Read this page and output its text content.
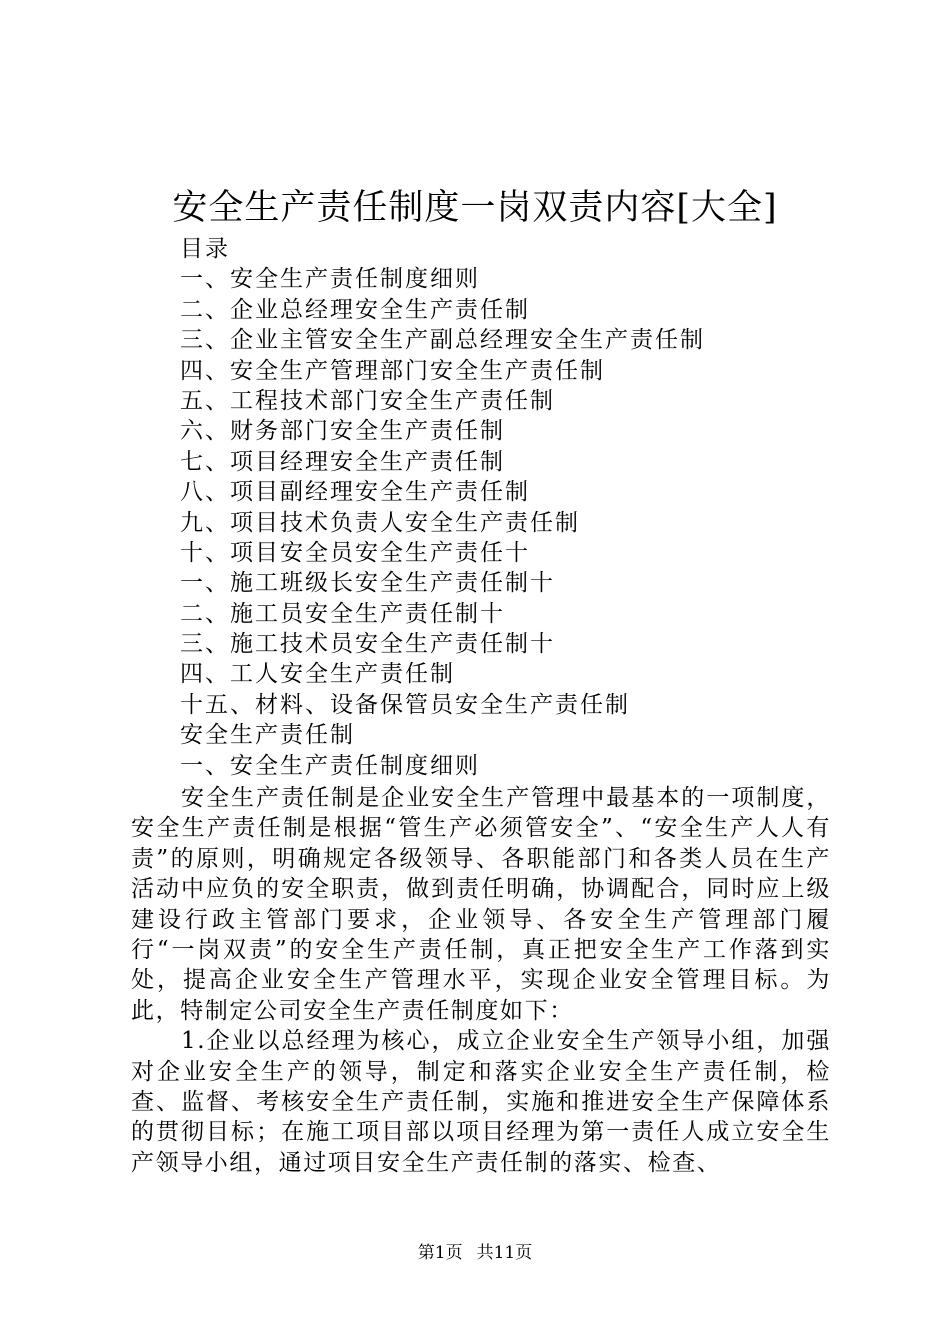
安全生产责任制度一岗双责内容[大全]
目录
一、安全生产责任制度细则
二、企业总经理安全生产责任制
三、企业主管安全生产副总经理安全生产责任制
四、安全生产管理部门安全生产责任制
五、工程技术部门安全生产责任制
六、财务部门安全生产责任制
七、项目经理安全生产责任制
八、项目副经理安全生产责任制
九、项目技术负责人安全生产责任制
十、项目安全员安全生产责任十
一、施工班级长安全生产责任制十
二、施工员安全生产责任制十
三、施工技术员安全生产责任制十
四、工人安全生产责任制
十五、材料、设备保管员安全生产责任制
安全生产责任制
一、安全生产责任制度细则

安全生产责任制是企业安全生产管理中最基本的一项制度，安全生产责任制是根据“管生产必须管安全”、“安全生产人人有责”的原则，明确规定各级领导、各职能部门和各类人员在生产活动中应负的安全职责，做到责任明确，协调配合，同时应上级建设行政主管部门要求，企业领导、各安全生产管理部门履行“一岗双责”的安全生产责任制，真正把安全生产工作落到实处，提高企业安全生产管理水平，实现企业安全管理目标。为此，特制定公司安全生产责任制度如下：

1.企业以总经理为核心，成立企业安全生产领导小组，加强对企业安全生产的领导，制定和落实企业安全生产责任制，检查、监督、考核安全生产责任制，实施和推进安全生产保障体系的贯彻目标；在施工项目部以项目经理为第一责任人成立安全生产领导小组，通过项目安全生产责任制的落实、检查、

第1页 共11页
